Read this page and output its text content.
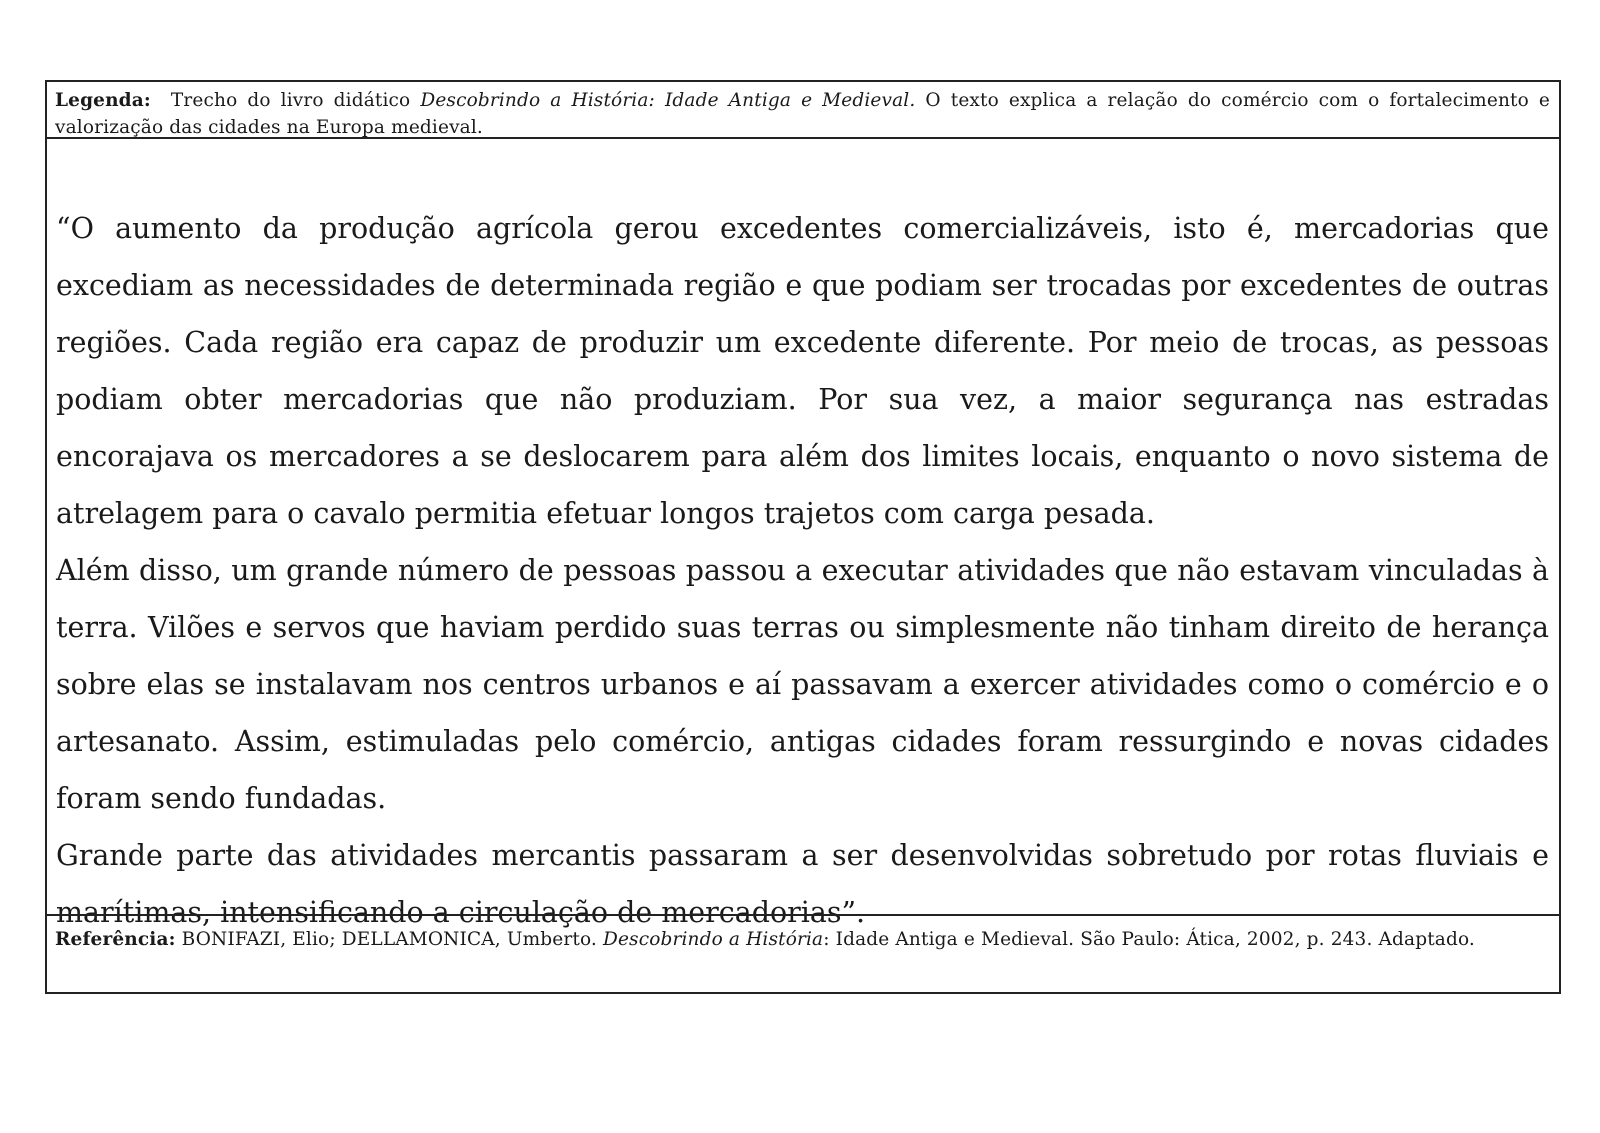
Legenda: Trecho do livro didático Descobrindo a História: Idade Antiga e Medieval. O texto explica a relação do comércio com o fortalecimento e valorização das cidades na Europa medieval.

“O aumento da produção agrícola gerou excedentes comercializáveis, isto é, mercadorias que excediam as necessidades de determinada região e que podiam ser trocadas por excedentes de outras regiões. Cada região era capaz de produzir um excedente diferente. Por meio de trocas, as pessoas podiam obter mercadorias que não produziam. Por sua vez, a maior segurança nas estradas encorajava os mercadores a se deslocarem para além dos limites locais, enquanto o novo sistema de atrelagem para o cavalo permitia efetuar longos trajetos com carga pesada.

Além disso, um grande número de pessoas passou a executar atividades que não estavam vinculadas à terra. Vilões e servos que haviam perdido suas terras ou simplesmente não tinham direito de herança sobre elas se instalavam nos centros urbanos e aí passavam a exercer atividades como o comércio e o artesanato. Assim, estimuladas pelo comércio, antigas cidades foram ressurgindo e novas cidades foram sendo fundadas.

Grande parte das atividades mercantis passaram a ser desenvolvidas sobretudo por rotas fluviais e marítimas, intensificando a circulação de mercadorias”.

Referência: BONIFAZI, Elio; DELLAMONICA, Umberto. Descobrindo a História: Idade Antiga e Medieval. São Paulo: Ática, 2002, p. 243. Adaptado.
